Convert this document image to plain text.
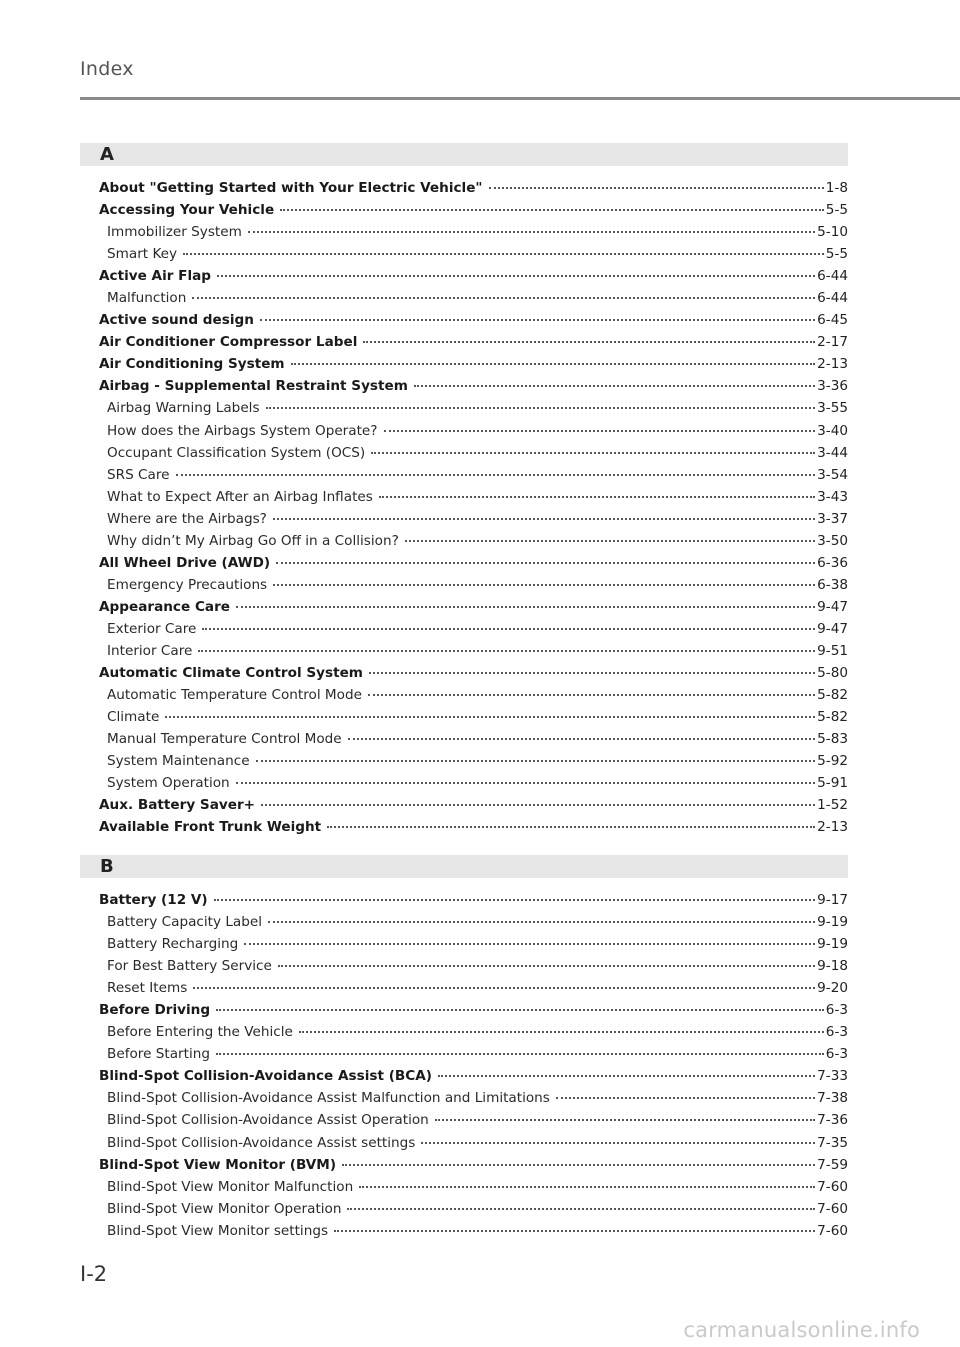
Index
A
About "Getting Started with Your Electric Vehicle"	1-8
Accessing Your Vehicle	5-5
Immobilizer System	5-10
Smart Key	5-5
Active Air Flap	6-44
Malfunction	6-44
Active sound design	6-45
Air Conditioner Compressor Label	2-17
Air Conditioning System	2-13
Airbag - Supplemental Restraint System	3-36
Airbag Warning Labels	3-55
How does the Airbags System Operate?	3-40
Occupant Classification System (OCS)	3-44
SRS Care	3-54
What to Expect After an Airbag Inflates	3-43
Where are the Airbags?	3-37
Why didn’t My Airbag Go Off in a Collision?	3-50
All Wheel Drive (AWD)	6-36
Emergency Precautions	6-38
Appearance Care	9-47
Exterior Care	9-47
Interior Care	9-51
Automatic Climate Control System	5-80
Automatic Temperature Control Mode	5-82
Climate	5-82
Manual Temperature Control Mode	5-83
System Maintenance	5-92
System Operation	5-91
Aux. Battery Saver+	1-52
Available Front Trunk Weight	2-13
B
Battery (12 V)	9-17
Battery Capacity Label	9-19
Battery Recharging	9-19
For Best Battery Service	9-18
Reset Items	9-20
Before Driving	6-3
Before Entering the Vehicle	6-3
Before Starting	6-3
Blind-Spot Collision-Avoidance Assist (BCA)	7-33
Blind-Spot Collision-Avoidance Assist Malfunction and Limitations	7-38
Blind-Spot Collision-Avoidance Assist Operation	7-36
Blind-Spot Collision-Avoidance Assist settings	7-35
Blind-Spot View Monitor (BVM)	7-59
Blind-Spot View Monitor Malfunction	7-60
Blind-Spot View Monitor Operation	7-60
Blind-Spot View Monitor settings	7-60
I-2
carmanualsonline.info
